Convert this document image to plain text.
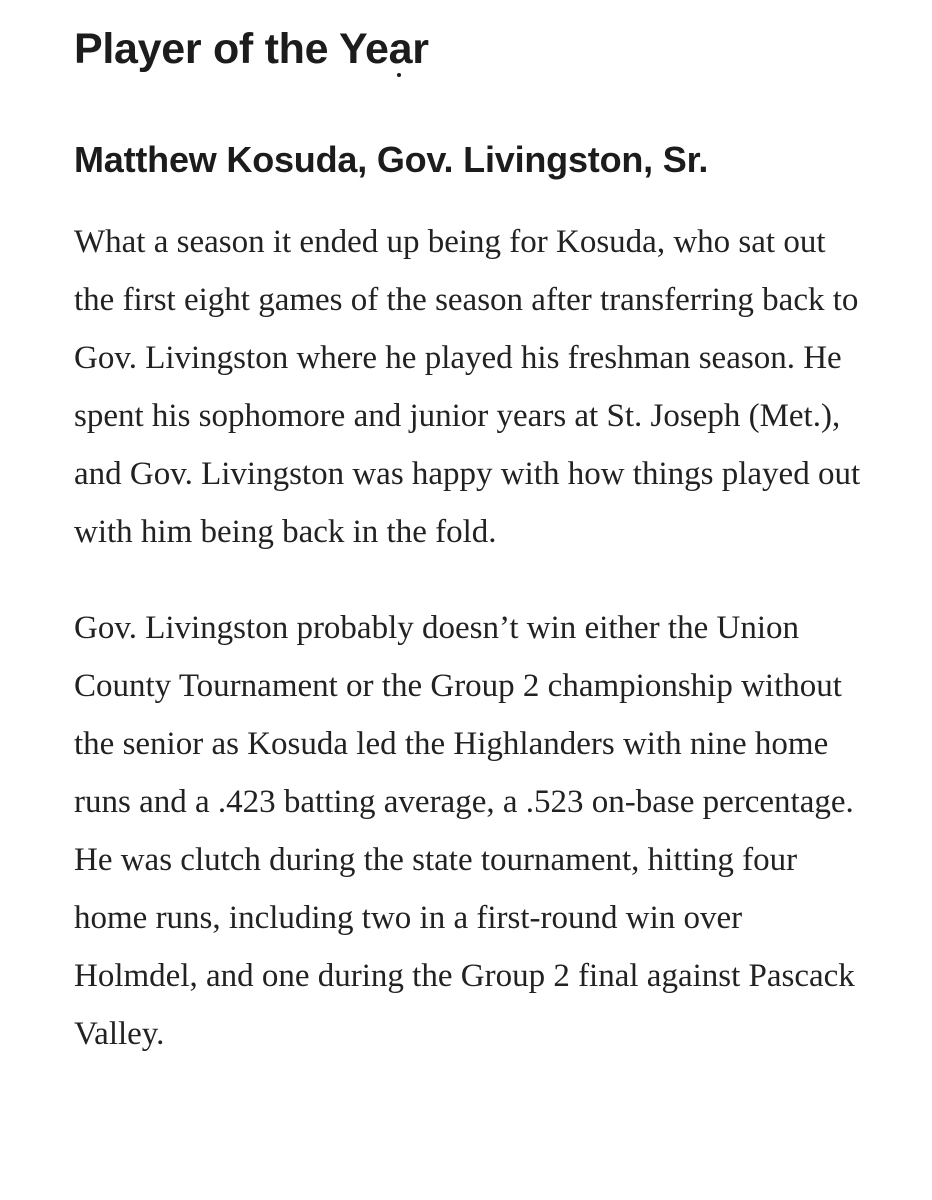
Player of the Year
Matthew Kosuda, Gov. Livingston, Sr.

What a season it ended up being for Kosuda, who sat out the first eight games of the season after transferring back to Gov. Livingston where he played his freshman season. He spent his sophomore and junior years at St. Joseph (Met.), and Gov. Livingston was happy with how things played out with him being back in the fold.

Gov. Livingston probably doesn’t win either the Union County Tournament or the Group 2 championship without the senior as Kosuda led the Highlanders with nine home runs and a .423 batting average, a .523 on-base percentage. He was clutch during the state tournament, hitting four home runs, including two in a first-round win over Holmdel, and one during the Group 2 final against Pascack Valley.
